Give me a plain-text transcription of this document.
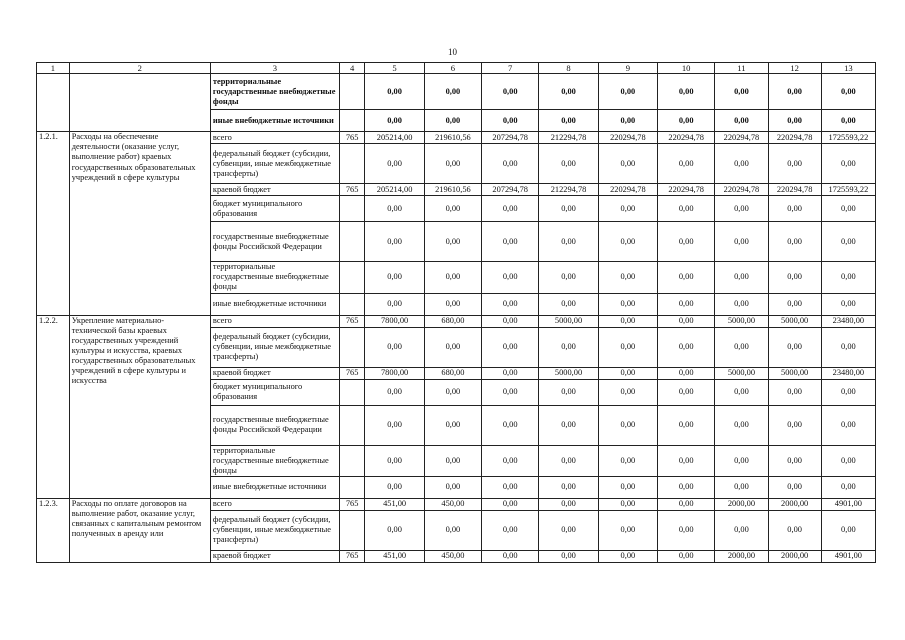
10
1	2	3	4	5	6	7	8	9	10	11	12	13
		территориальные государственные внебюджетные фонды		0,00	0,00	0,00	0,00	0,00	0,00	0,00	0,00	0,00
		иные внебюджетные источники		0,00	0,00	0,00	0,00	0,00	0,00	0,00	0,00	0,00
1.2.1.	Расходы на обеспечение деятельности (оказание услуг, выполнение работ) краевых государственных образовательных учреждений в сфере культуры	всего	765	205214,00	219610,56	207294,78	212294,78	220294,78	220294,78	220294,78	220294,78	1725593,22
		федеральный бюджет (субсидии, субвенции, иные межбюджетные трансферты)		0,00	0,00	0,00	0,00	0,00	0,00	0,00	0,00	0,00
		краевой бюджет	765	205214,00	219610,56	207294,78	212294,78	220294,78	220294,78	220294,78	220294,78	1725593,22
		бюджет муниципального образования		0,00	0,00	0,00	0,00	0,00	0,00	0,00	0,00	0,00
		государственные внебюджетные фонды Российской Федерации		0,00	0,00	0,00	0,00	0,00	0,00	0,00	0,00	0,00
		территориальные государственные внебюджетные фонды		0,00	0,00	0,00	0,00	0,00	0,00	0,00	0,00	0,00
		иные внебюджетные источники		0,00	0,00	0,00	0,00	0,00	0,00	0,00	0,00	0,00
1.2.2.	Укрепление материально-технической базы краевых государственных учреждений культуры и искусства, краевых государственных образовательных учреждений в сфере культуры и искусства	всего	765	7800,00	680,00	0,00	5000,00	0,00	0,00	5000,00	5000,00	23480,00
		федеральный бюджет (субсидии, субвенции, иные межбюджетные трансферты)		0,00	0,00	0,00	0,00	0,00	0,00	0,00	0,00	0,00
		краевой бюджет	765	7800,00	680,00	0,00	5000,00	0,00	0,00	5000,00	5000,00	23480,00
		бюджет муниципального образования		0,00	0,00	0,00	0,00	0,00	0,00	0,00	0,00	0,00
		государственные внебюджетные фонды Российской Федерации		0,00	0,00	0,00	0,00	0,00	0,00	0,00	0,00	0,00
		территориальные государственные внебюджетные фонды		0,00	0,00	0,00	0,00	0,00	0,00	0,00	0,00	0,00
		иные внебюджетные источники		0,00	0,00	0,00	0,00	0,00	0,00	0,00	0,00	0,00
1.2.3.	Расходы по оплате договоров на выполнение работ, оказание услуг, связанных с капитальным ремонтом полученных в аренду или	всего	765	451,00	450,00	0,00	0,00	0,00	0,00	2000,00	2000,00	4901,00
		федеральный бюджет (субсидии, субвенции, иные межбюджетные трансферты)		0,00	0,00	0,00	0,00	0,00	0,00	0,00	0,00	0,00
		краевой бюджет	765	451,00	450,00	0,00	0,00	0,00	0,00	2000,00	2000,00	4901,00
